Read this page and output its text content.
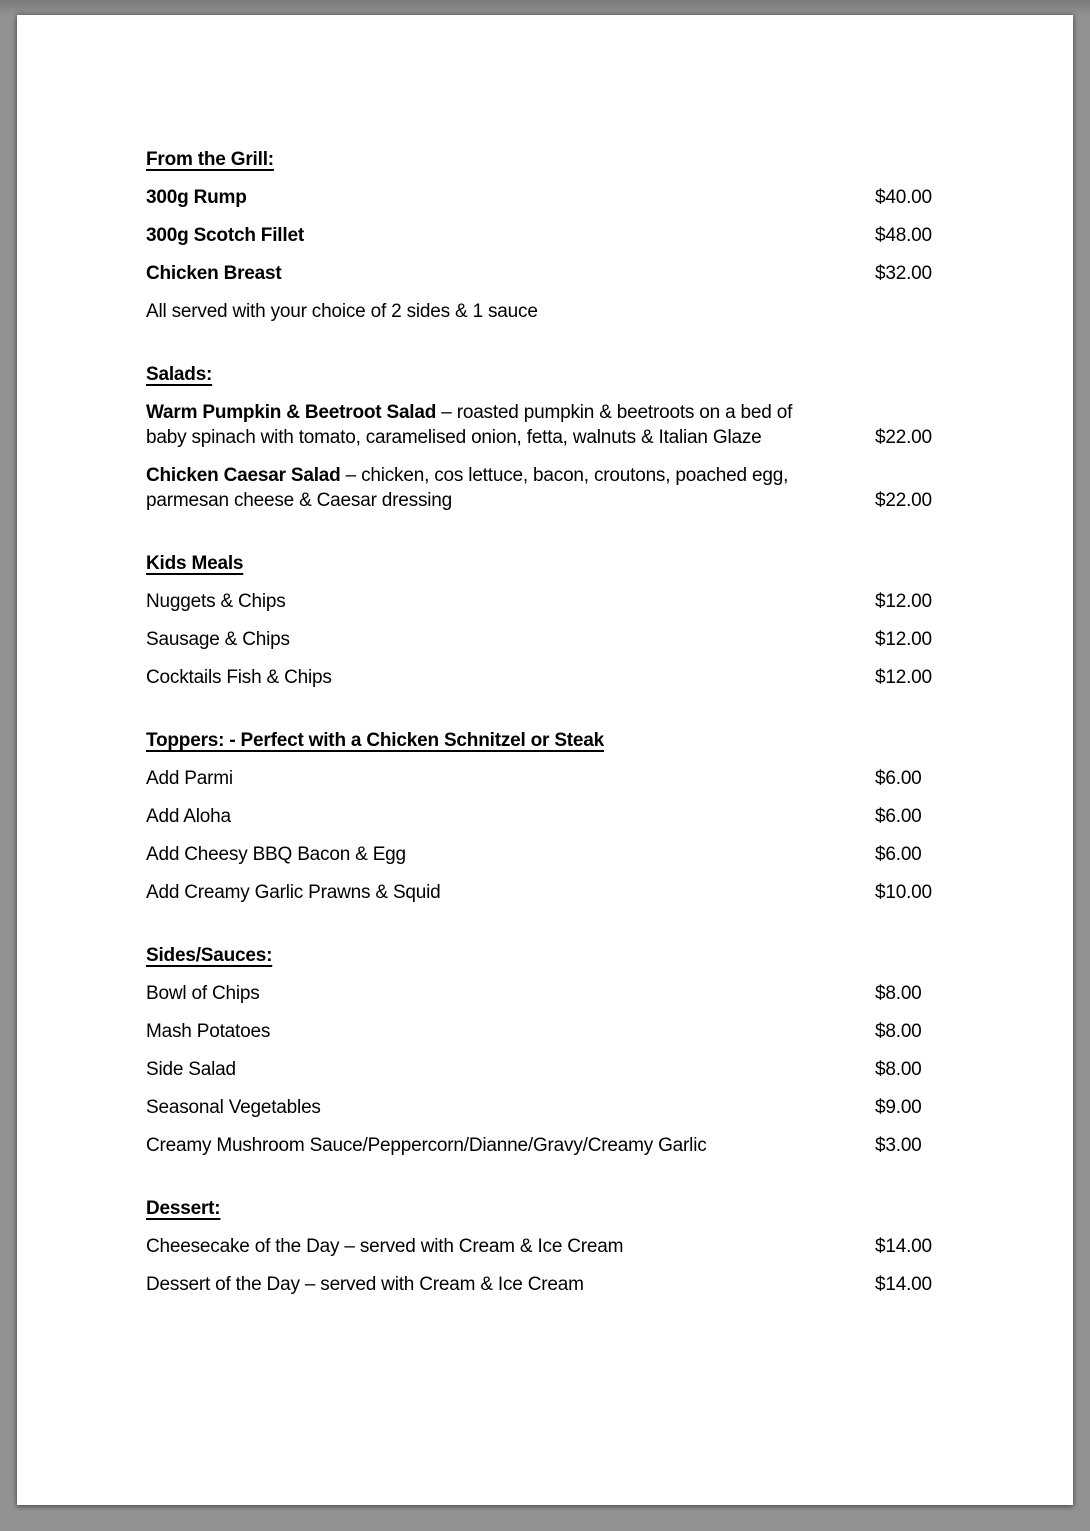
From the Grill:
300g Rump	$40.00
300g Scotch Fillet	$48.00
Chicken Breast	$32.00
All served with your choice of 2 sides & 1 sauce
Salads:
Warm Pumpkin & Beetroot Salad – roasted pumpkin & beetroots on a bed of baby spinach with tomato, caramelised onion, fetta, walnuts & Italian Glaze	$22.00
Chicken Caesar Salad – chicken, cos lettuce, bacon, croutons, poached egg, parmesan cheese & Caesar dressing	$22.00
Kids Meals
Nuggets & Chips	$12.00
Sausage & Chips	$12.00
Cocktails Fish & Chips	$12.00
Toppers: - Perfect with a Chicken Schnitzel or Steak
Add Parmi	$6.00
Add Aloha	$6.00
Add Cheesy BBQ Bacon & Egg	$6.00
Add Creamy Garlic Prawns & Squid	$10.00
Sides/Sauces:
Bowl of Chips	$8.00
Mash Potatoes	$8.00
Side Salad	$8.00
Seasonal Vegetables	$9.00
Creamy Mushroom Sauce/Peppercorn/Dianne/Gravy/Creamy Garlic	$3.00
Dessert:
Cheesecake of the Day – served with Cream & Ice Cream	$14.00
Dessert of the Day – served with Cream & Ice Cream	$14.00
